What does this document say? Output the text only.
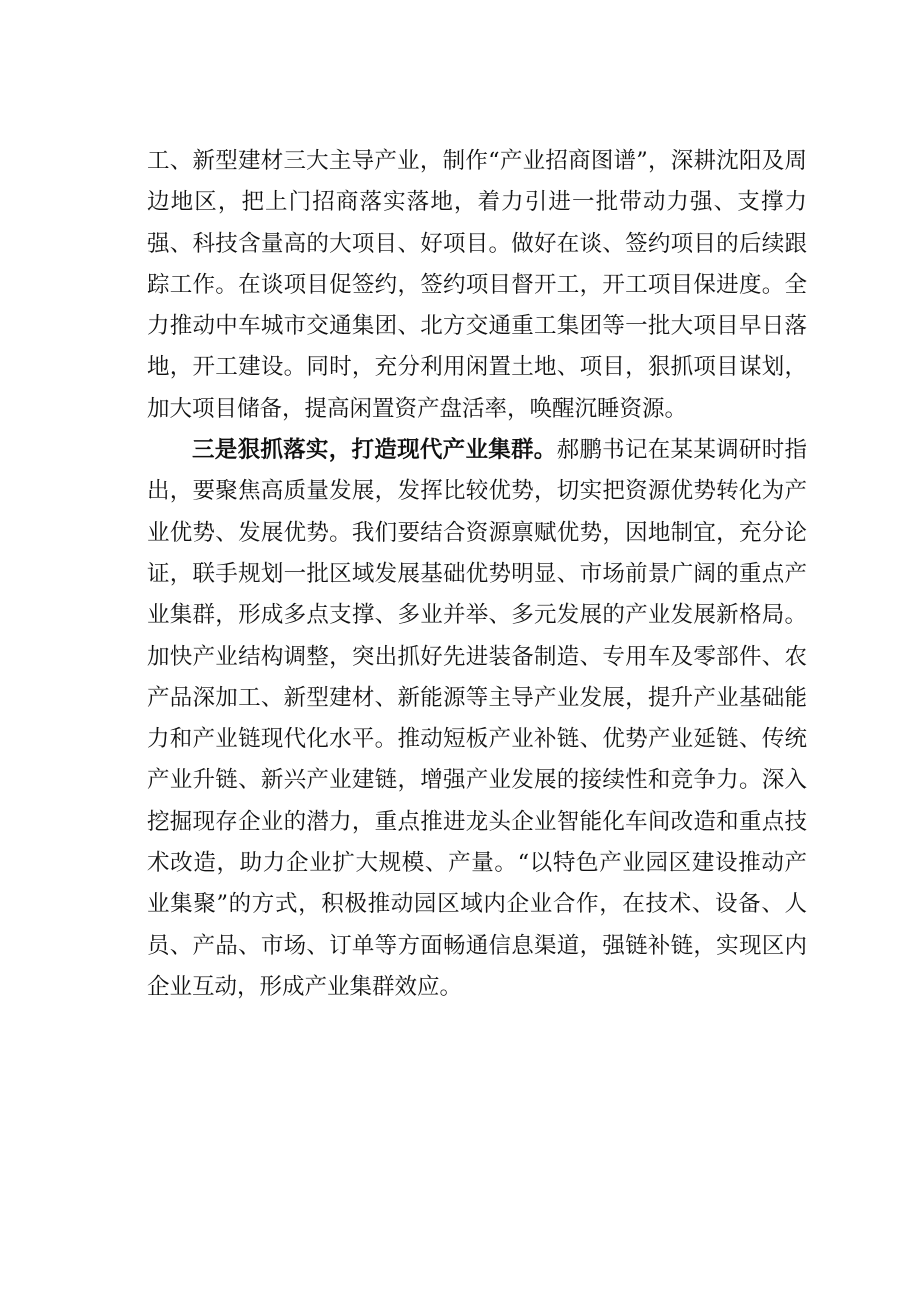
工、新型建材三大主导产业，制作“产业招商图谱”，深耕沈阳及周边地区，把上门招商落实落地，着力引进一批带动力强、支撑力强、科技含量高的大项目、好项目。做好在谈、签约项目的后续跟踪工作。在谈项目促签约，签约项目督开工，开工项目保进度。全力推动中车城市交通集团、北方交通重工集团等一批大项目早日落地，开工建设。同时，充分利用闲置土地、项目，狠抓项目谋划，加大项目储备，提高闲置资产盘活率，唤醒沉睡资源。

三是狠抓落实，打造现代产业集群。郝鹏书记在某某调研时指出，要聚焦高质量发展，发挥比较优势，切实把资源优势转化为产业优势、发展优势。我们要结合资源禀赋优势，因地制宜，充分论证，联手规划一批区域发展基础优势明显、市场前景广阔的重点产业集群，形成多点支撑、多业并举、多元发展的产业发展新格局。加快产业结构调整，突出抓好先进装备制造、专用车及零部件、农产品深加工、新型建材、新能源等主导产业发展，提升产业基础能力和产业链现代化水平。推动短板产业补链、优势产业延链、传统产业升链、新兴产业建链，增强产业发展的接续性和竞争力。深入挖掘现存企业的潜力，重点推进龙头企业智能化车间改造和重点技术改造，助力企业扩大规模、产量。“以特色产业园区建设推动产业集聚”的方式，积极推动园区域内企业合作，在技术、设备、人员、产品、市场、订单等方面畅通信息渠道，强链补链，实现区内企业互动，形成产业集群效应。
